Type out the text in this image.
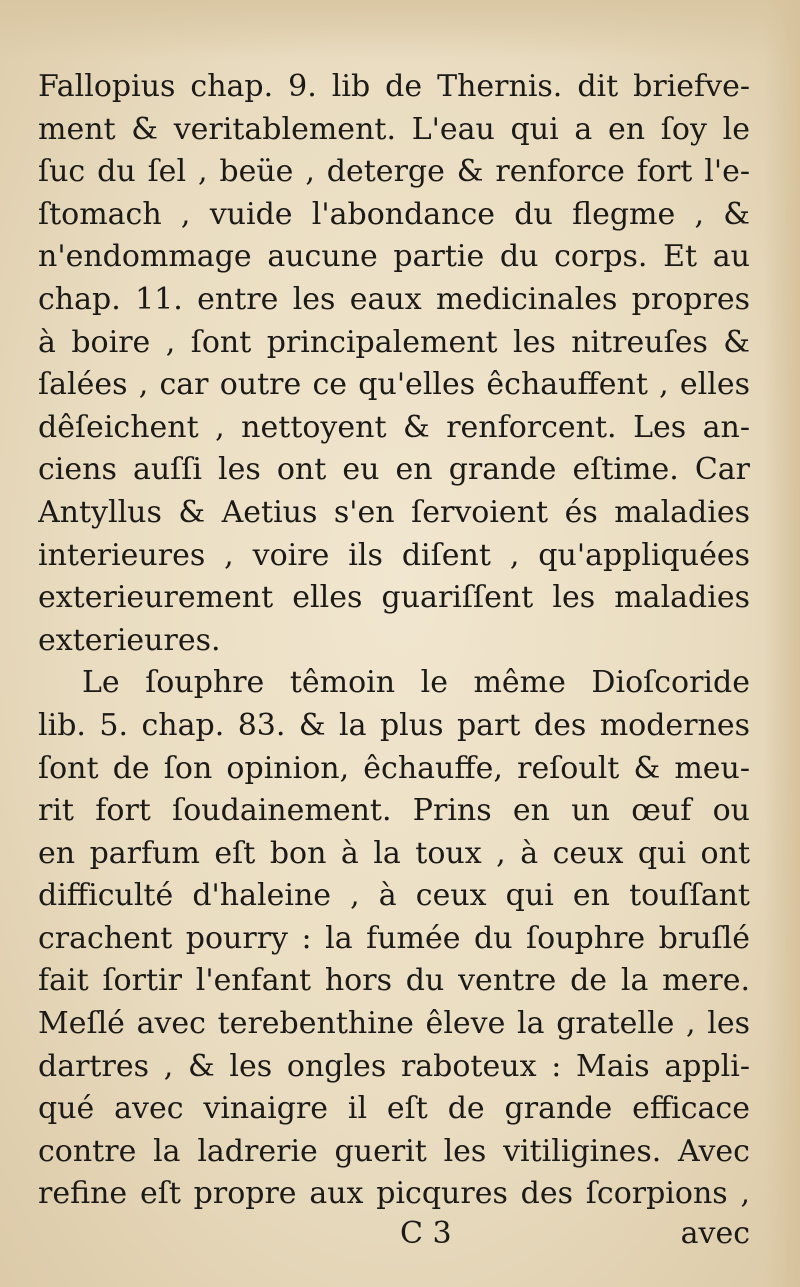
Fallopius chap. 9. lib de Thernis. dit briefve-
ment & veritablement. L'eau qui a en ſoy le
ſuc du ſel , beüe , deterge & renforce fort l'e-
ſtomach , vuide l'abondance du flegme , &
n'endommage aucune partie du corps. Et au
chap. 11. entre les eaux medicinales propres
à boire , ſont principalement les nitreuſes &
ſalées , car outre ce qu'elles êchauffent , elles
dêſeichent , nettoyent & renforcent. Les an-
ciens auſſi les ont eu en grande eſtime. Car
Antyllus & Aetius s'en ſervoient és maladies
interieures , voire ils diſent , qu'appliquées
exterieurement elles guariſſent les maladies
exterieures.
Le ſouphre têmoin le même Dioſcoride
lib. 5. chap. 83. & la plus part des modernes
ſont de ſon opinion, êchauffe, reſoult & meu-
rit fort ſoudainement. Prins en un œuf ou
en parfum eſt bon à la toux , à ceux qui ont
difficulté d'haleine , à ceux qui en touſſant
crachent pourry : la fumée du ſouphre bruſlé
fait ſortir l'enfant hors du ventre de la mere.
Meſlé avec terebenthine êleve la gratelle , les
dartres , & les ongles raboteux : Mais appli-
qué avec vinaigre il eſt de grande efficace
contre la ladrerie guerit les vitiligines. Avec
refine eſt propre aux picqures des ſcorpions ,
C 3	avec
